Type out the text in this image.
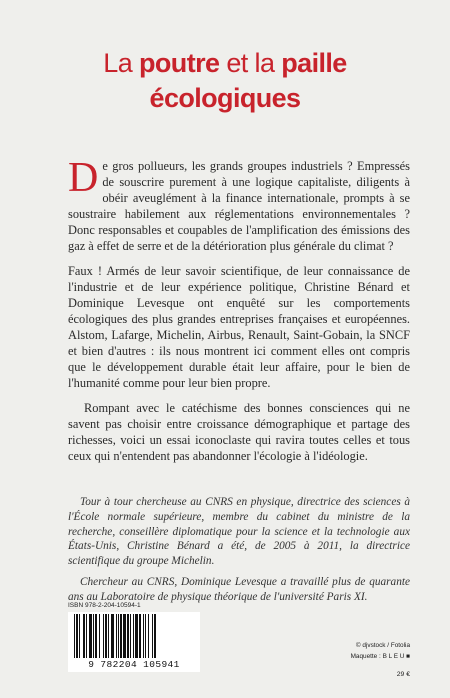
La poutre et la paille
écologiques

De gros pollueurs, les grands groupes industriels ? Empressés de souscrire purement à une logique capitaliste, diligents à obéir aveuglément à la finance internationale, prompts à se soustraire habilement aux réglementations environnementales ? Donc responsables et coupables de l'amplification des émissions des gaz à effet de serre et de la détérioration plus générale du climat ?

Faux ! Armés de leur savoir scientifique, de leur connaissance de l'industrie et de leur expérience politique, Christine Bénard et Dominique Levesque ont enquêté sur les comportements écologiques des plus grandes entreprises françaises et européennes. Alstom, Lafarge, Michelin, Airbus, Renault, Saint-Gobain, la SNCF et bien d'autres : ils nous montrent ici comment elles ont compris que le développement durable était leur affaire, pour le bien de l'humanité comme pour leur bien propre.

Rompant avec le catéchisme des bonnes consciences qui ne savent pas choisir entre croissance démographique et partage des richesses, voici un essai iconoclaste qui ravira toutes celles et tous ceux qui n'entendent pas abandonner l'écologie à l'idéologie.

Tour à tour chercheuse au CNRS en physique, directrice des sciences à l'École normale supérieure, membre du cabinet du ministre de la recherche, conseillère diplomatique pour la science et la technologie aux États-Unis, Christine Bénard a été, de 2005 à 2011, la directrice scientifique du groupe Michelin.

Chercheur au CNRS, Dominique Levesque a travaillé plus de quarante ans au Laboratoire de physique théorique de l'université Paris XI.

ISBN 978-2-204-10594-1
9 782204 105941
© djvstock / Fotolia
Maquette : B L E U ■
29 €
